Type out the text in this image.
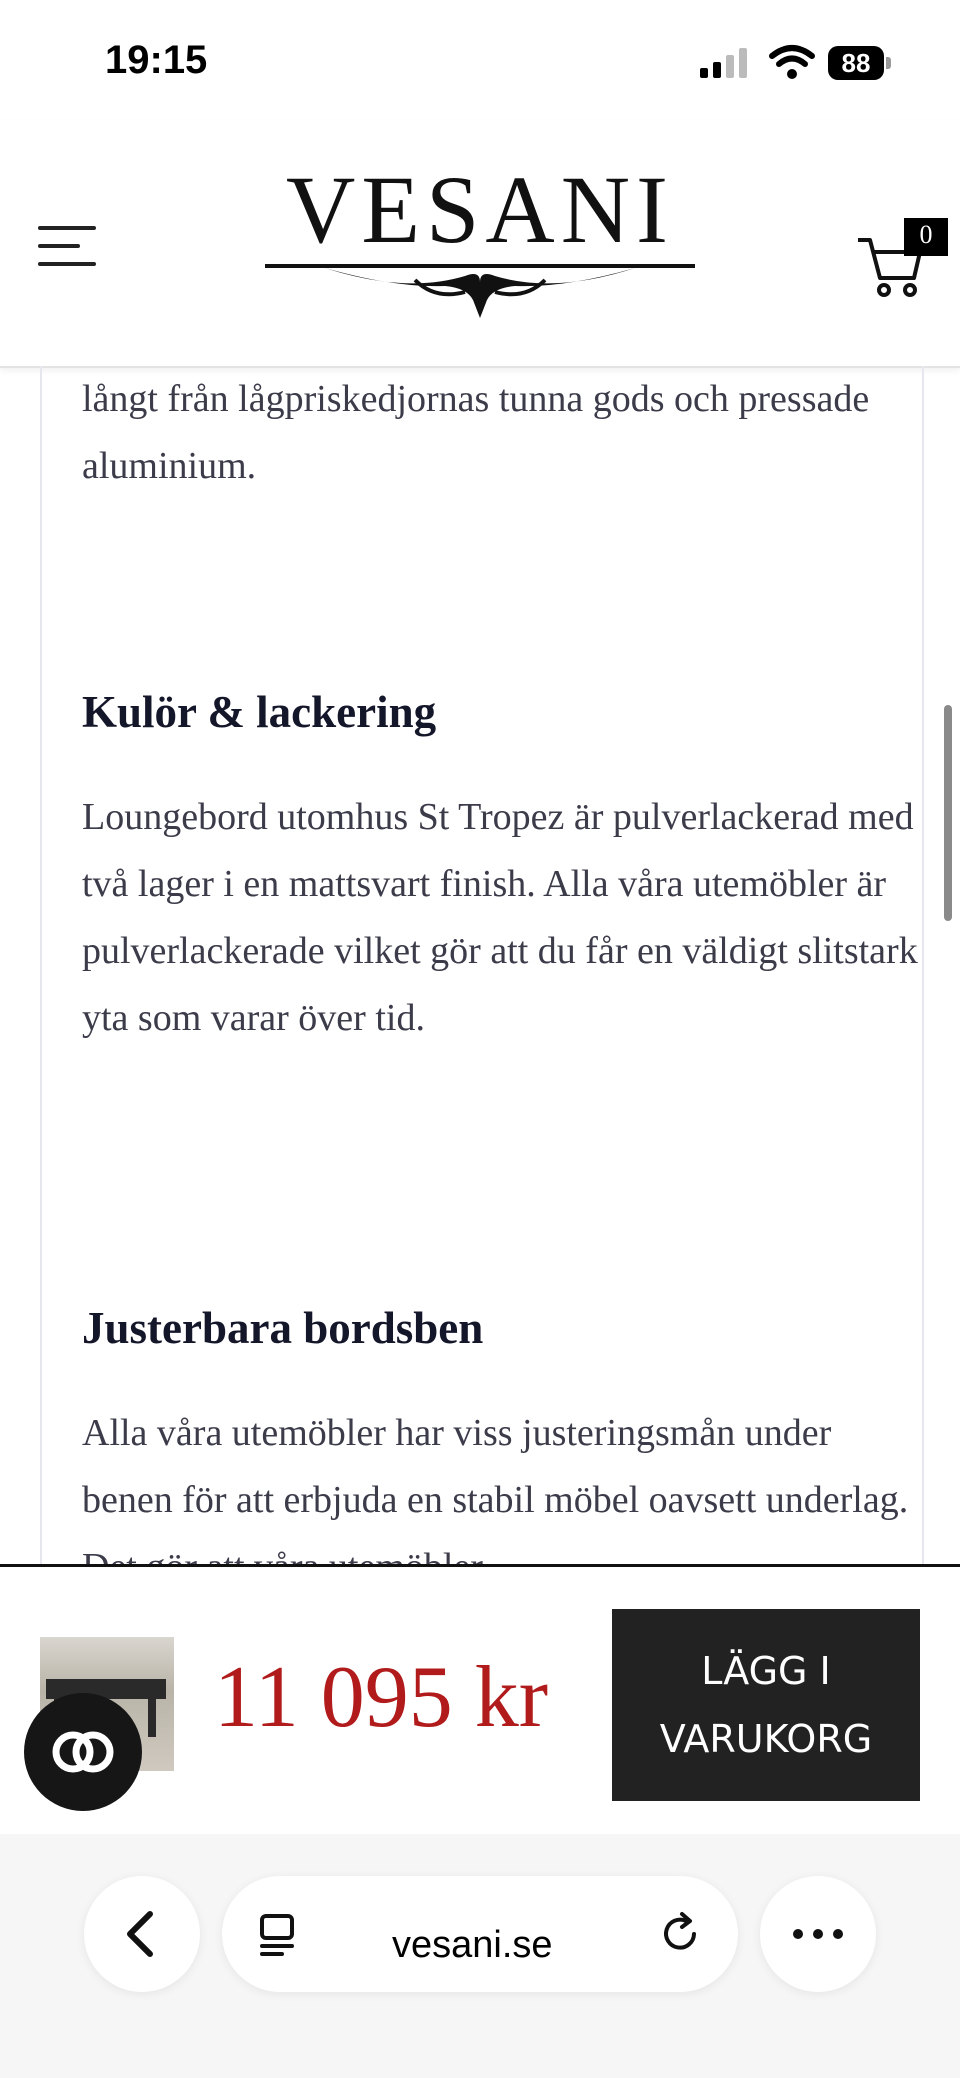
19:15	88
VESANI	0

långt från lågpriskedjornas tunna gods och pressade aluminium.

Kulör & lackering

Loungebord utomhus St Tropez är pulverlackerad med två lager i en mattsvart finish. Alla våra utemöbler är pulverlackerade vilket gör att du får en väldigt slitstark yta som varar över tid.

Justerbara bordsben

Alla våra utemöbler har viss justeringsmån under benen för att erbjuda en stabil möbel oavsett underlag.

11 095 kr	LÄGG I
VARUKORG
vesani.se
